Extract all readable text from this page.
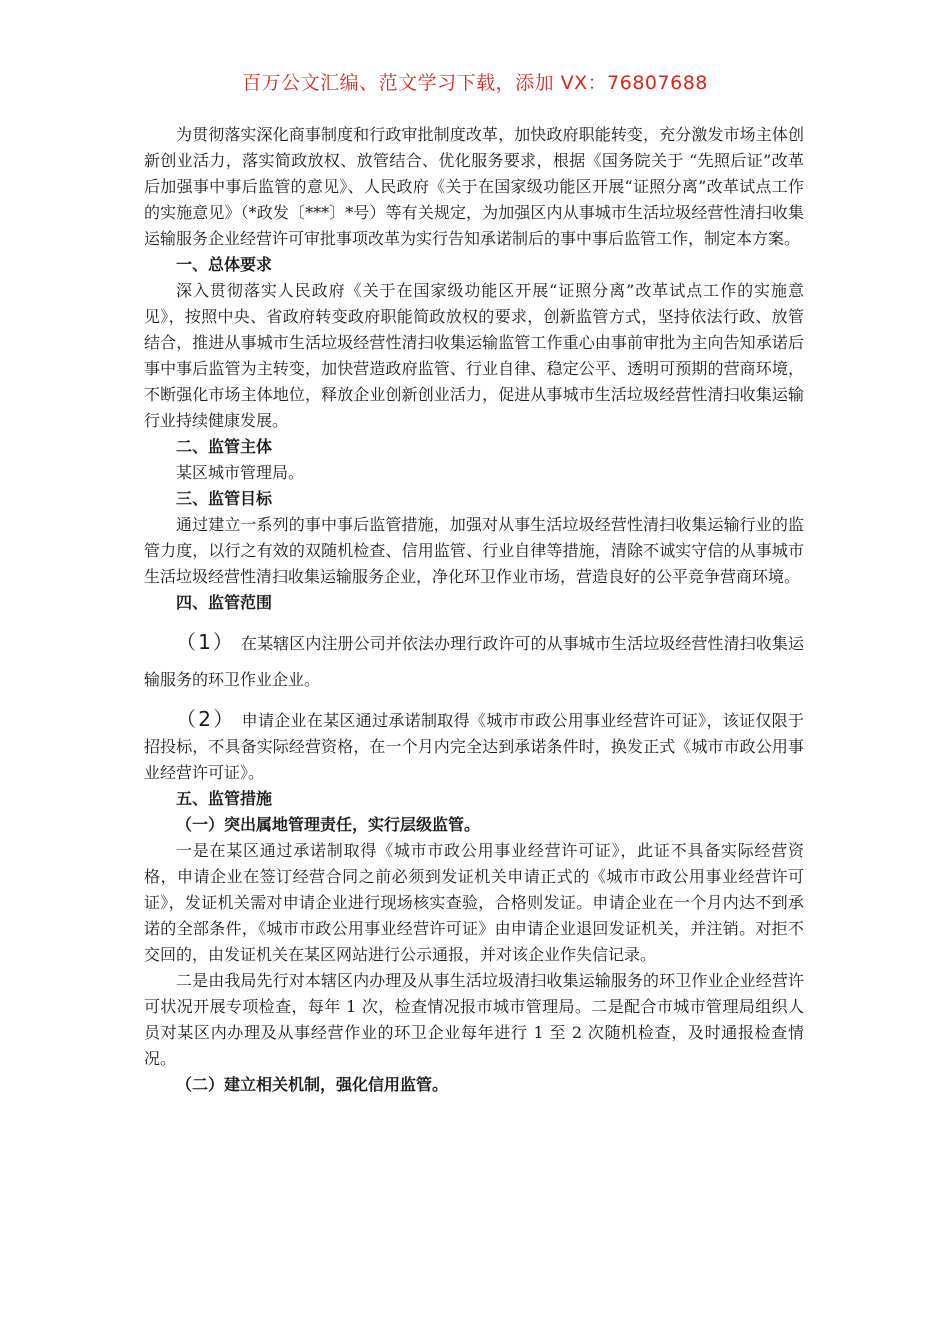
百万公文汇编、范文学习下载，添加 VX：76807688

为贯彻落实深化商事制度和行政审批制度改革，加快政府职能转变，充分激发市场主体创新创业活力，落实简政放权、放管结合、优化服务要求，根据《国务院关于 “先照后证”改革后加强事中事后监管的意见》、人民政府《关于在国家级功能区开展“证照分离”改革试点工作的实施意见》（*政发〔***〕*号）等有关规定，为加强区内从事城市生活垃圾经营性清扫收集运输服务企业经营许可审批事项改革为实行告知承诺制后的事中事后监管工作，制定本方案。

一、总体要求

深入贯彻落实人民政府《关于在国家级功能区开展“证照分离”改革试点工作的实施意见》，按照中央、省政府转变政府职能简政放权的要求，创新监管方式，坚持依法行政、放管结合，推进从事城市生活垃圾经营性清扫收集运输监管工作重心由事前审批为主向告知承诺后事中事后监管为主转变，加快营造政府监管、行业自律、稳定公平、透明可预期的营商环境，不断强化市场主体地位，释放企业创新创业活力，促进从事城市生活垃圾经营性清扫收集运输行业持续健康发展。

二、监管主体

某区城市管理局。

三、监管目标

通过建立一系列的事中事后监管措施，加强对从事生活垃圾经营性清扫收集运输行业的监管力度，以行之有效的双随机检查、信用监管、行业自律等措施，清除不诚实守信的从事城市生活垃圾经营性清扫收集运输服务企业，净化环卫作业市场，营造良好的公平竞争营商环境。

四、监管范围
（1） 在某辖区内注册公司并依法办理行政许可的从事城市生活垃圾经营性清扫收集运输服务的环卫作业企业。
（2） 申请企业在某区通过承诺制取得《城市市政公用事业经营许可证》，该证仅限于招投标，不具备实际经营资格，在一个月内完全达到承诺条件时，换发正式《城市市政公用事业经营许可证》。
五、监管措施
（一）突出属地管理责任，实行层级监管。

一是在某区通过承诺制取得《城市市政公用事业经营许可证》，此证不具备实际经营资格，申请企业在签订经营合同之前必须到发证机关申请正式的《城市市政公用事业经营许可证》，发证机关需对申请企业进行现场核实查验，合格则发证。申请企业在一个月内达不到承诺的全部条件，《城市市政公用事业经营许可证》由申请企业退回发证机关，并注销。对拒不交回的，由发证机关在某区网站进行公示通报，并对该企业作失信记录。

二是由我局先行对本辖区内办理及从事生活垃圾清扫收集运输服务的环卫作业企业经营许可状况开展专项检查，每年 1 次，检查情况报市城市管理局。二是配合市城市管理局组织人员对某区内办理及从事经营作业的环卫企业每年进行 1 至 2 次随机检查，及时通报检查情况。

（二）建立相关机制，强化信用监管。
